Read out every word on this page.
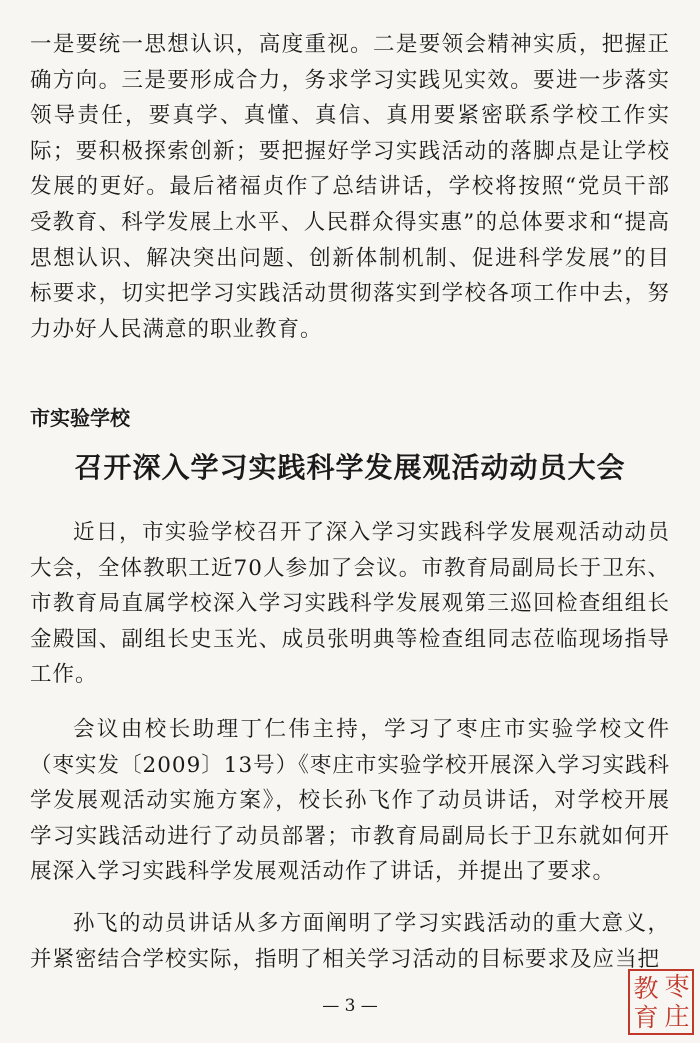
一是要统一思想认识，高度重视。二是要领会精神实质，把握正确方向。三是要形成合力，务求学习实践见实效。要进一步落实领导责任，要真学、真懂、真信、真用要紧密联系学校工作实际；要积极探索创新；要把握好学习实践活动的落脚点是让学校发展的更好。最后褚福贞作了总结讲话，学校将按照“党员干部受教育、科学发展上水平、人民群众得实惠”的总体要求和“提高思想认识、解决突出问题、创新体制机制、促进科学发展”的目标要求，切实把学习实践活动贯彻落实到学校各项工作中去，努力办好人民满意的职业教育。

市实验学校

召开深入学习实践科学发展观活动动员大会

近日，市实验学校召开了深入学习实践科学发展观活动动员大会，全体教职工近70人参加了会议。市教育局副局长于卫东、市教育局直属学校深入学习实践科学发展观第三巡回检查组组长金殿国、副组长史玉光、成员张明典等检查组同志莅临现场指导工作。

会议由校长助理丁仁伟主持，学习了枣庄市实验学校文件（枣实发〔2009〕13号）《枣庄市实验学校开展深入学习实践科学发展观活动实施方案》，校长孙飞作了动员讲话，对学校开展学习实践活动进行了动员部署；市教育局副局长于卫东就如何开展深入学习实践科学发展观活动作了讲话，并提出了要求。

孙飞的动员讲话从多方面阐明了学习实践活动的重大意义，并紧密结合学校实际，指明了相关学习活动的目标要求及应当把

— 3 —

教 枣
育 庄
